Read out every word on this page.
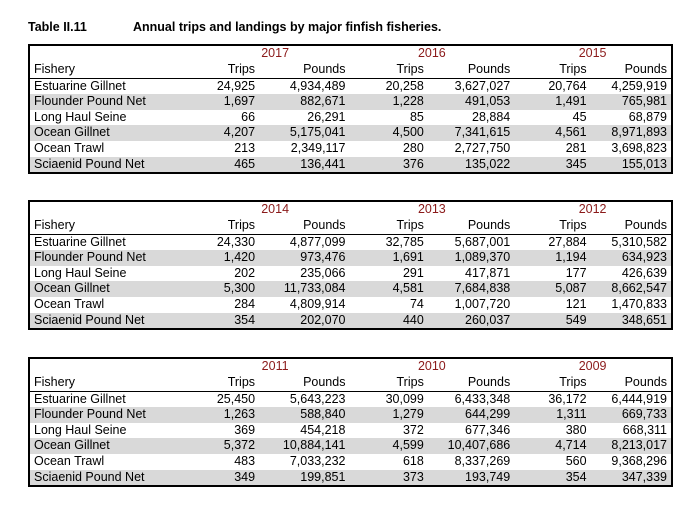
Table II.11	Annual trips and landings by major finfish fisheries.
	2017		2016		2015	
Fishery	Trips	Pounds	Trips	Pounds	Trips	Pounds
Estuarine Gillnet	24,925	4,934,489	20,258	3,627,027	20,764	4,259,919
Flounder Pound Net	1,697	882,671	1,228	491,053	1,491	765,981
Long Haul Seine	66	26,291	85	28,884	45	68,879
Ocean Gillnet	4,207	5,175,041	4,500	7,341,615	4,561	8,971,893
Ocean Trawl	213	2,349,117	280	2,727,750	281	3,698,823
Sciaenid Pound Net	465	136,441	376	135,022	345	155,013
	2014		2013		2012	
Fishery	Trips	Pounds	Trips	Pounds	Trips	Pounds
Estuarine Gillnet	24,330	4,877,099	32,785	5,687,001	27,884	5,310,582
Flounder Pound Net	1,420	973,476	1,691	1,089,370	1,194	634,923
Long Haul Seine	202	235,066	291	417,871	177	426,639
Ocean Gillnet	5,300	11,733,084	4,581	7,684,838	5,087	8,662,547
Ocean Trawl	284	4,809,914	74	1,007,720	121	1,470,833
Sciaenid Pound Net	354	202,070	440	260,037	549	348,651
	2011		2010		2009	
Fishery	Trips	Pounds	Trips	Pounds	Trips	Pounds
Estuarine Gillnet	25,450	5,643,223	30,099	6,433,348	36,172	6,444,919
Flounder Pound Net	1,263	588,840	1,279	644,299	1,311	669,733
Long Haul Seine	369	454,218	372	677,346	380	668,311
Ocean Gillnet	5,372	10,884,141	4,599	10,407,686	4,714	8,213,017
Ocean Trawl	483	7,033,232	618	8,337,269	560	9,368,296
Sciaenid Pound Net	349	199,851	373	193,749	354	347,339
